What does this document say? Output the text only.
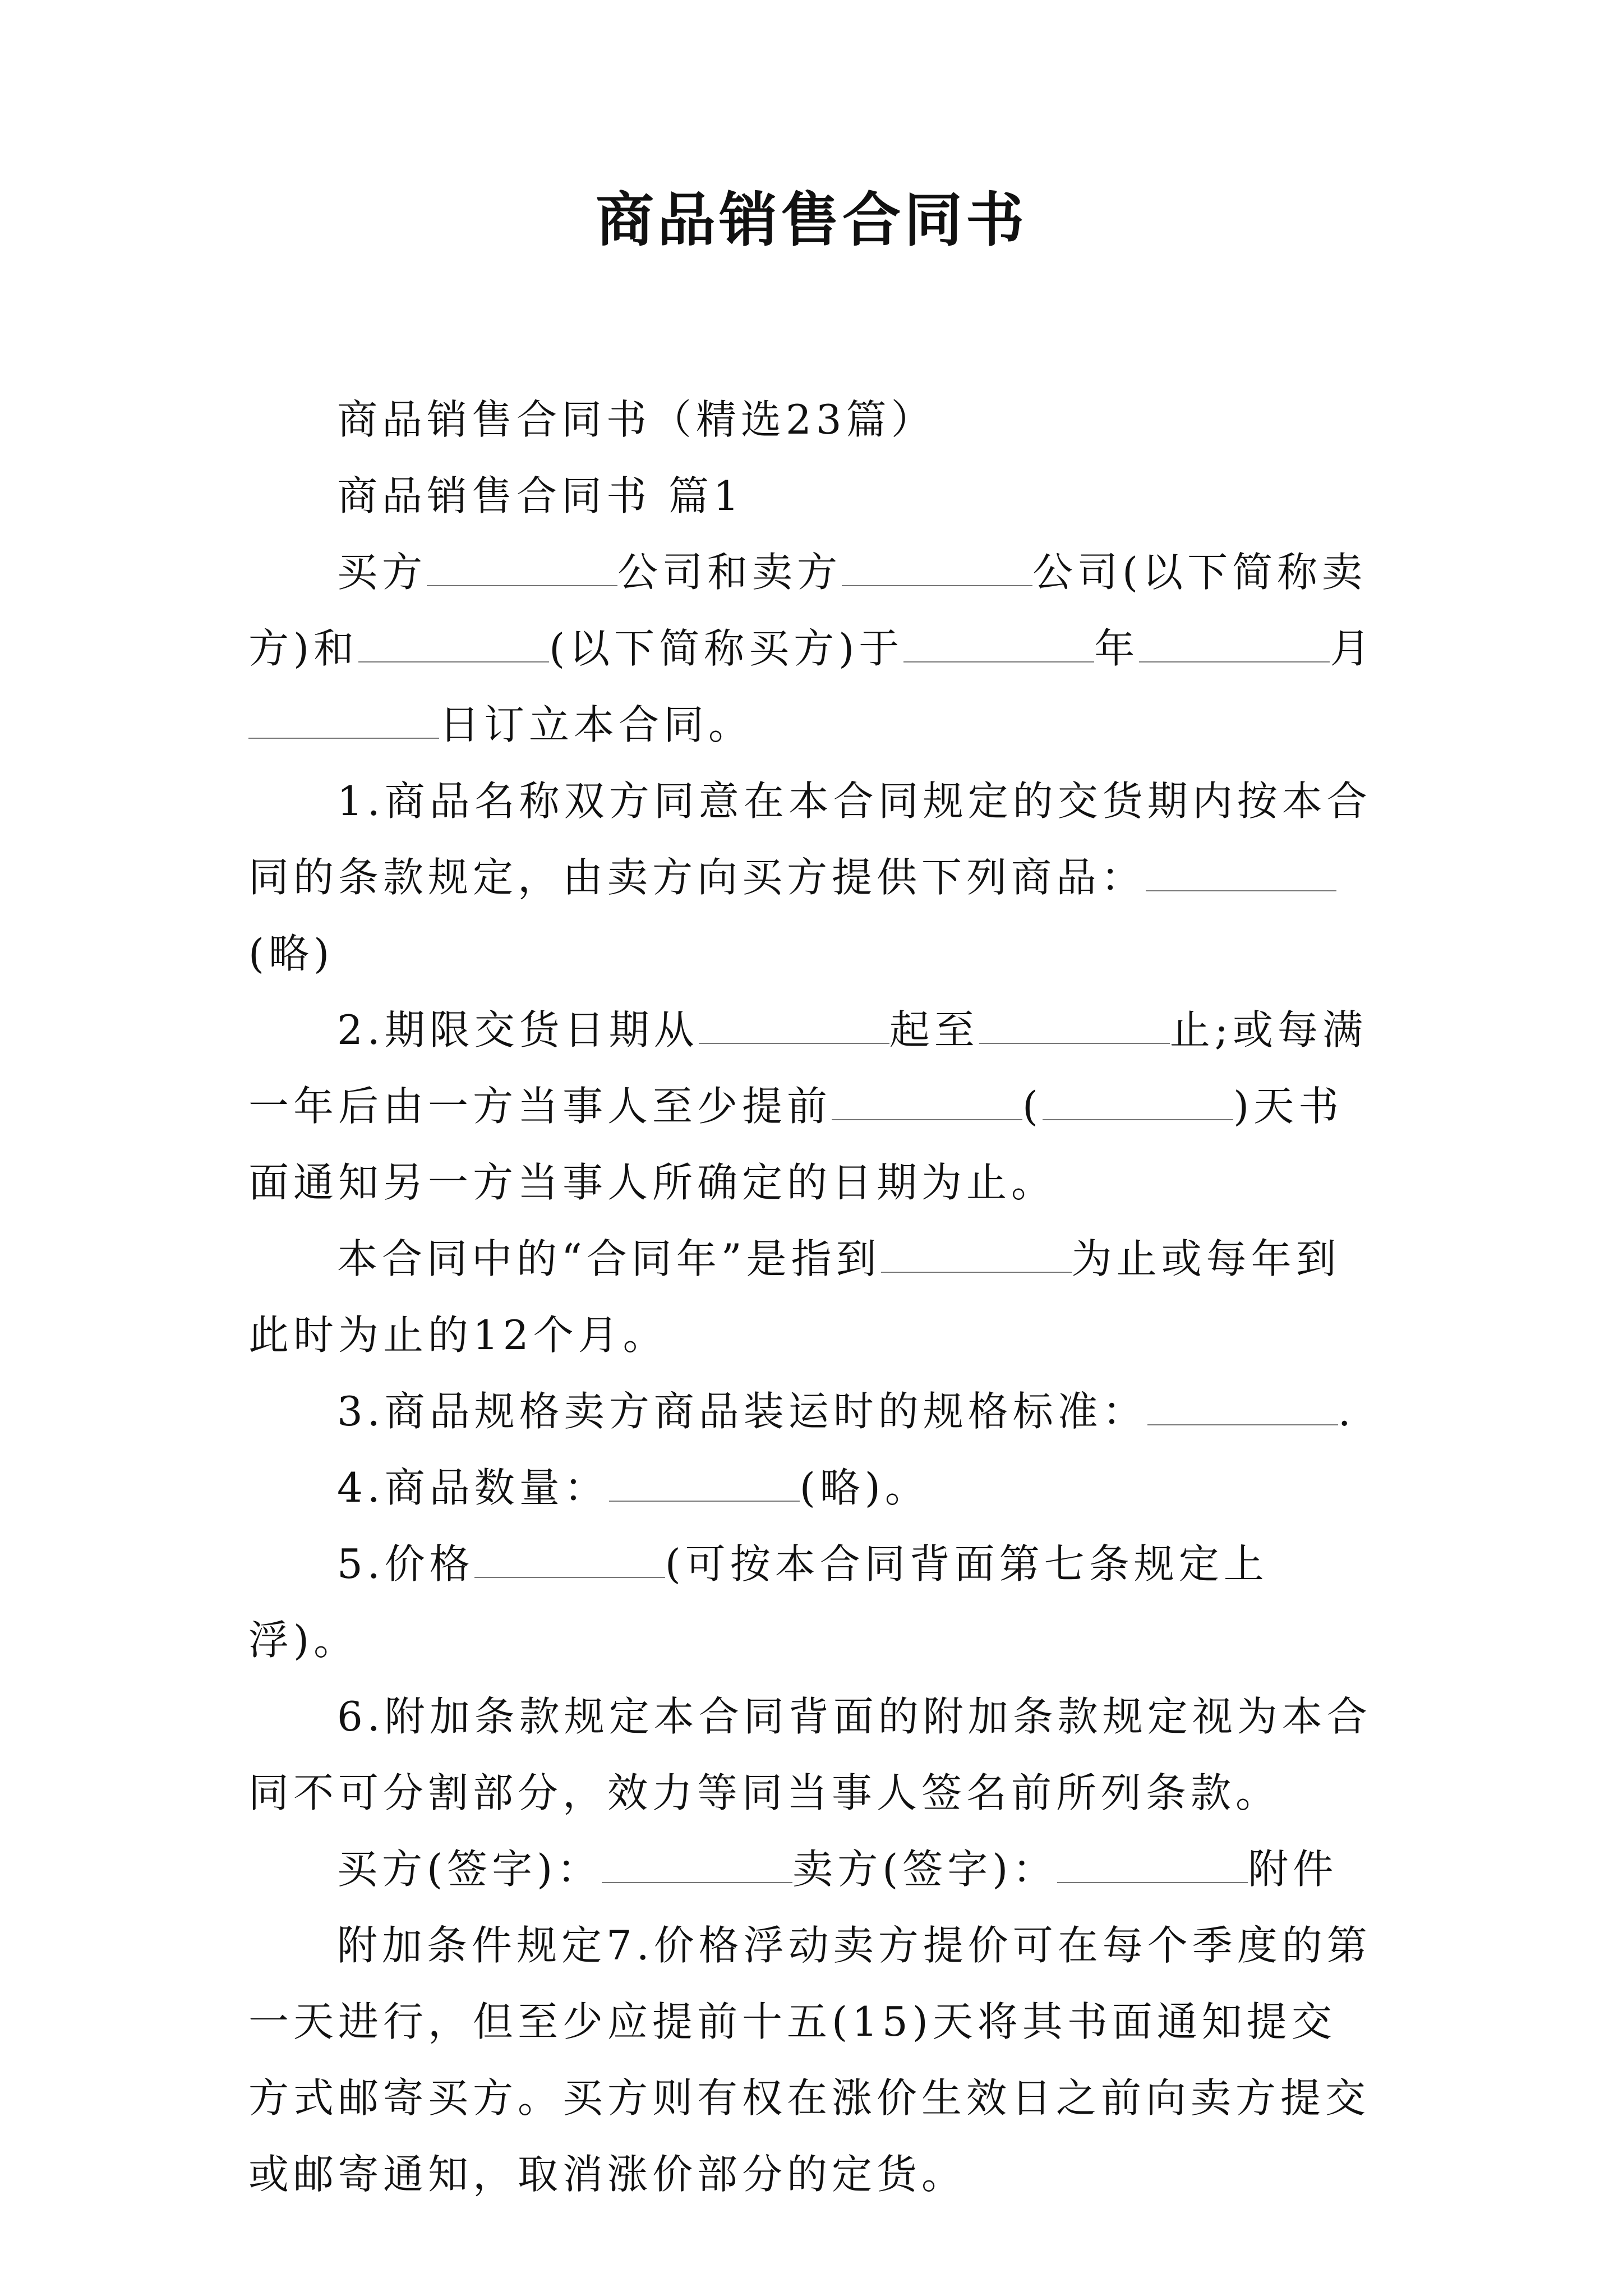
商品销售合同书

商品销售合同书（精选23篇）

商品销售合同书 篇1

买方	公司和卖方	公司(以下简称卖方)和	(以下简称买方)于	年	月日订立本合同。

1.商品名称双方同意在本合同规定的交货期内按本合同的条款规定，由卖方向买方提供下列商品：(略)

2.期限交货日期从	起至	止;或每满一年后由一方当事人至少提前	(	)天书面通知另一方当事人所确定的日期为止。

本合同中的“合同年”是指到	为止或每年到此时为止的12个月。

3.商品规格卖方商品装运时的规格标准：	.

4.商品数量：	(略)。

5.价格	(可按本合同背面第七条规定上浮)。

6.附加条款规定本合同背面的附加条款规定视为本合同不可分割部分，效力等同当事人签名前所列条款。

买方(签字)：	卖方(签字)：	附件

附加条件规定7.价格浮动卖方提价可在每个季度的第一天进行，但至少应提前十五(15)天将其书面通知提交方式邮寄买方。买方则有权在涨价生效日之前向卖方提交或邮寄通知，取消涨价部分的定货。
